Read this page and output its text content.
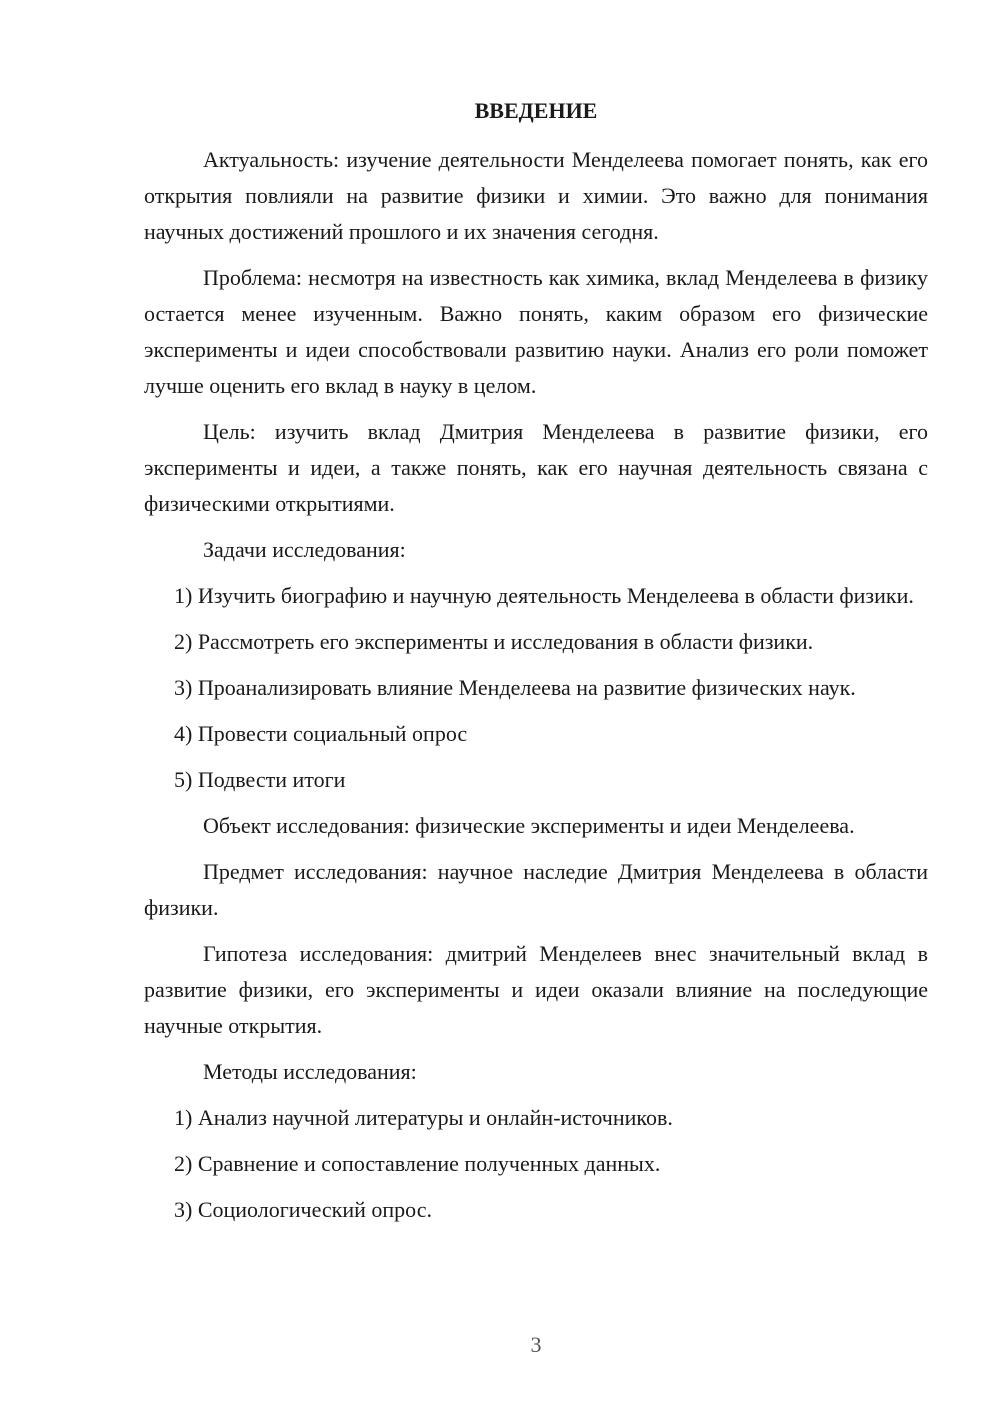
ВВЕДЕНИЕ

Актуальность: изучение деятельности Менделеева помогает понять, как его открытия повлияли на развитие физики и химии. Это важно для понимания научных достижений прошлого и их значения сегодня.

Проблема: несмотря на известность как химика, вклад Менделеева в физику остается менее изученным. Важно понять, каким образом его физические эксперименты и идеи способствовали развитию науки. Анализ его роли поможет лучше оценить его вклад в науку в целом.

Цель: изучить вклад Дмитрия Менделеева в развитие физики, его эксперименты и идеи, а также понять, как его научная деятельность связана с физическими открытиями.

Задачи исследования:

1) Изучить биографию и научную деятельность Менделеева в области физики.

2) Рассмотреть его эксперименты и исследования в области физики.

3) Проанализировать влияние Менделеева на развитие физических наук.

4) Провести социальный опрос

5) Подвести итоги

Объект исследования: физические эксперименты и идеи Менделеева.

Предмет исследования: научное наследие Дмитрия Менделеева в области физики.

Гипотеза исследования: дмитрий Менделеев внес значительный вклад в развитие физики, его эксперименты и идеи оказали влияние на последующие научные открытия.

Методы исследования:

1) Анализ научной литературы и онлайн-источников.

2) Сравнение и сопоставление полученных данных.

3) Социологический опрос.

3
